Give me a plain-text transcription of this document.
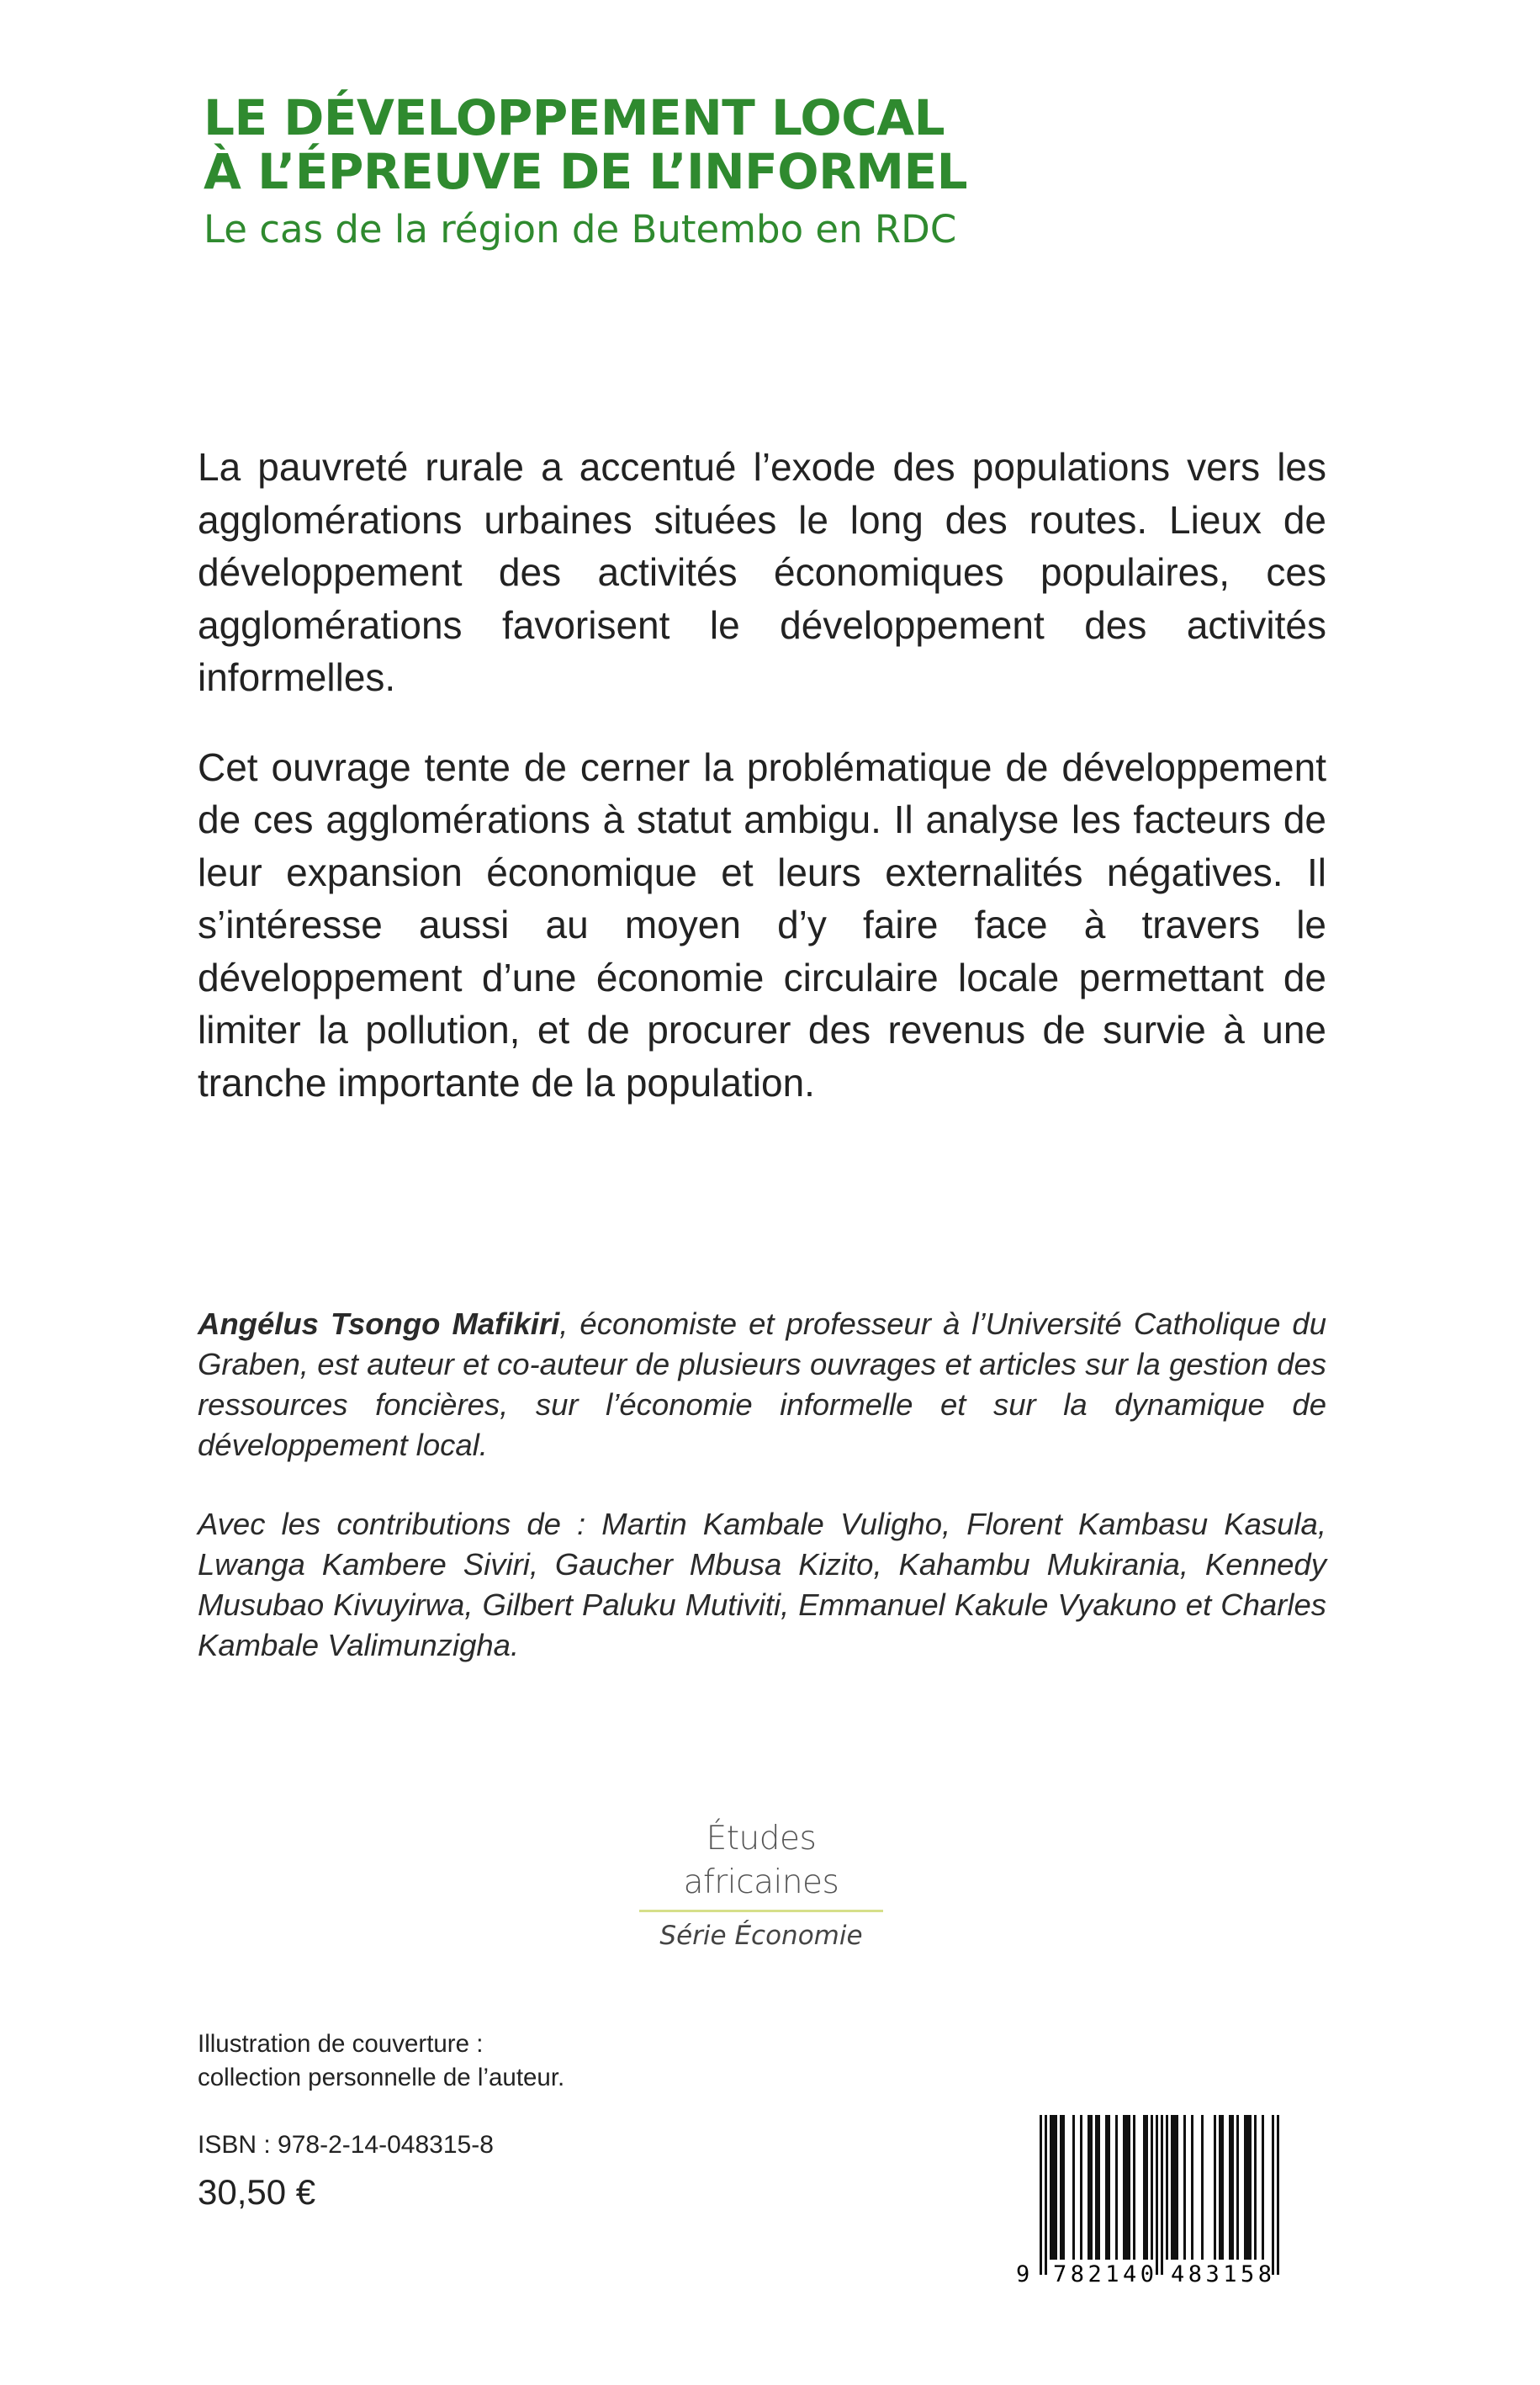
LE DÉVELOPPEMENT LOCAL
À L’ÉPREUVE DE L’INFORMEL
Le cas de la région de Butembo en RDC

La pauvreté rurale a accentué l’exode des populations vers les agglomérations urbaines situées le long des routes. Lieux de développement des activités économiques populaires, ces agglomérations favorisent le développement des activités informelles.

Cet ouvrage tente de cerner la problématique de développement de ces agglomérations à statut ambigu. Il analyse les facteurs de leur expansion économique et leurs externalités négatives. Il s’intéresse aussi au moyen d’y faire face à travers le développement d’une économie circulaire locale permettant de limiter la pollution, et de procurer des revenus de survie à une tranche importante de la population.

Angélus Tsongo Mafikiri, économiste et professeur à l’Université Catholique du Graben, est auteur et co-auteur de plusieurs ouvrages et articles sur la gestion des ressources foncières, sur l’économie informelle et sur la dynamique de développement local.

Avec les contributions de : Martin Kambale Vuligho, Florent Kambasu Kasula, Lwanga Kambere Siviri, Gaucher Mbusa Kizito, Kahambu Mukirania, Kennedy Musubao Kivuyirwa, Gilbert Paluku Mutiviti, Emmanuel Kakule Vyakuno et Charles Kambale Valimunzigha.

Études africaines
Série Économie
Illustration de couverture :
collection personnelle de l’auteur.
ISBN : 978-2-14-048315-8
30,50 €
9 782140 483158
